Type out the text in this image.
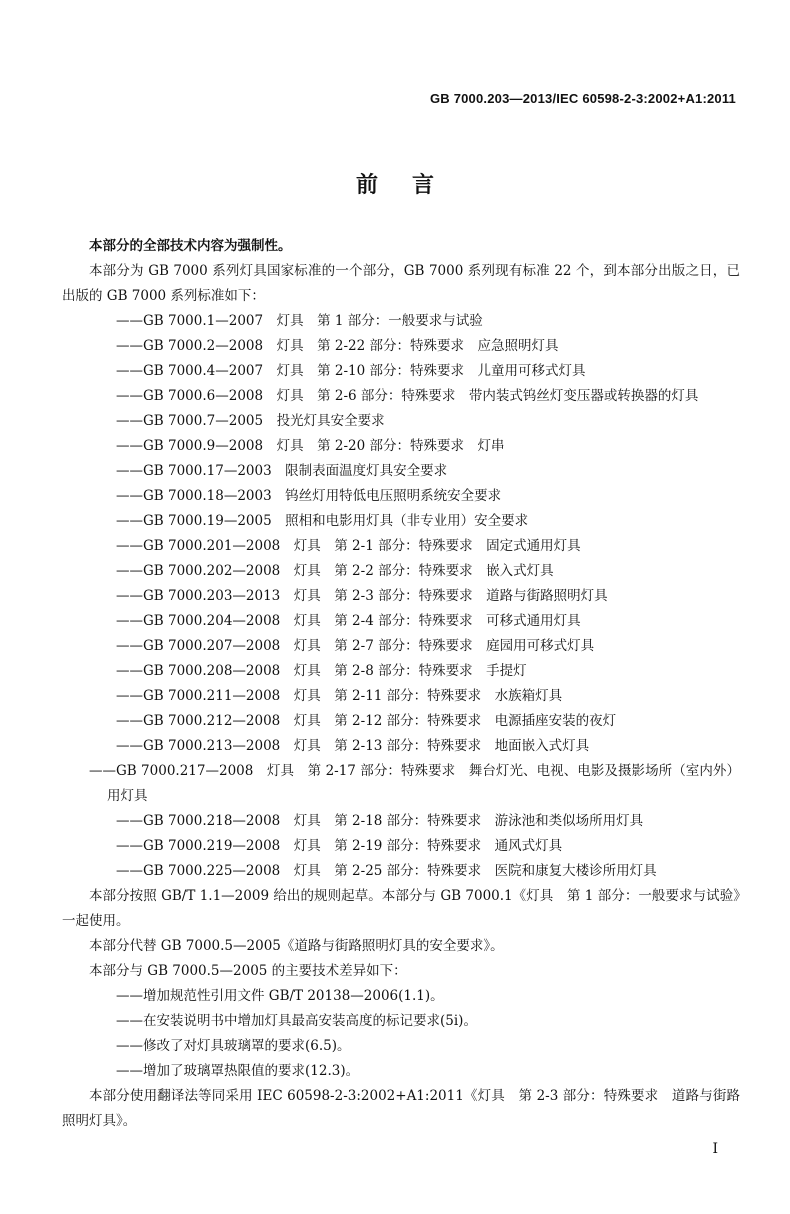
GB 7000.203—2013/IEC 60598-2-3:2002+A1:2011
前言

本部分的全部技术内容为强制性。

本部分为 GB 7000 系列灯具国家标准的一个部分，GB 7000 系列现有标准 22 个，到本部分出版之日，已出版的 GB 7000 系列标准如下：

——GB 7000.1—2007　灯具　第 1 部分：一般要求与试验

——GB 7000.2—2008　灯具　第 2-22 部分：特殊要求　应急照明灯具

——GB 7000.4—2007　灯具　第 2-10 部分：特殊要求　儿童用可移式灯具

——GB 7000.6—2008　灯具　第 2-6 部分：特殊要求　带内装式钨丝灯变压器或转换器的灯具

——GB 7000.7—2005　投光灯具安全要求

——GB 7000.9—2008　灯具　第 2-20 部分：特殊要求　灯串

——GB 7000.17—2003　限制表面温度灯具安全要求

——GB 7000.18—2003　钨丝灯用特低电压照明系统安全要求

——GB 7000.19—2005　照相和电影用灯具（非专业用）安全要求

——GB 7000.201—2008　灯具　第 2-1 部分：特殊要求　固定式通用灯具

——GB 7000.202—2008　灯具　第 2-2 部分：特殊要求　嵌入式灯具

——GB 7000.203—2013　灯具　第 2-3 部分：特殊要求　道路与街路照明灯具

——GB 7000.204—2008　灯具　第 2-4 部分：特殊要求　可移式通用灯具

——GB 7000.207—2008　灯具　第 2-7 部分：特殊要求　庭园用可移式灯具

——GB 7000.208—2008　灯具　第 2-8 部分：特殊要求　手提灯

——GB 7000.211—2008　灯具　第 2-11 部分：特殊要求　水族箱灯具

——GB 7000.212—2008　灯具　第 2-12 部分：特殊要求　电源插座安装的夜灯

——GB 7000.213—2008　灯具　第 2-13 部分：特殊要求　地面嵌入式灯具

——GB 7000.217—2008　灯具　第 2-17 部分：特殊要求　舞台灯光、电视、电影及摄影场所（室内外）用灯具

——GB 7000.218—2008　灯具　第 2-18 部分：特殊要求　游泳池和类似场所用灯具

——GB 7000.219—2008　灯具　第 2-19 部分：特殊要求　通风式灯具

——GB 7000.225—2008　灯具　第 2-25 部分：特殊要求　医院和康复大楼诊所用灯具

本部分按照 GB/T 1.1—2009 给出的规则起草。本部分与 GB 7000.1《灯具　第 1 部分：一般要求与试验》一起使用。

本部分代替 GB 7000.5—2005《道路与街路照明灯具的安全要求》。

本部分与 GB 7000.5—2005 的主要技术差异如下：

——增加规范性引用文件 GB/T 20138—2006(1.1)。

——在安装说明书中增加灯具最高安装高度的标记要求(5i)。

——修改了对灯具玻璃罩的要求(6.5)。

——增加了玻璃罩热限值的要求(12.3)。

本部分使用翻译法等同采用 IEC 60598-2-3:2002+A1:2011《灯具　第 2-3 部分：特殊要求　道路与街路照明灯具》。

I
